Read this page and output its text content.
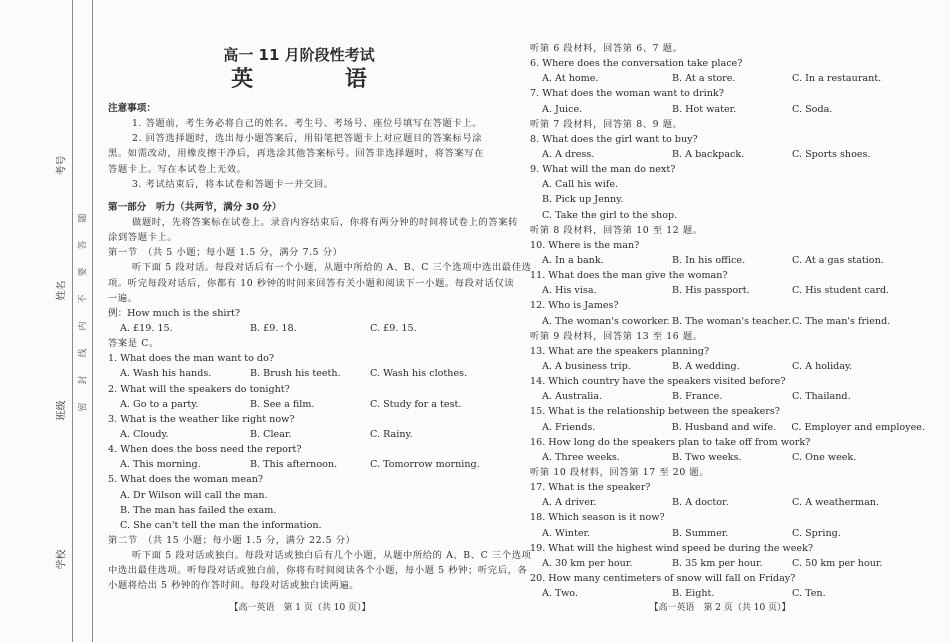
考号
姓名
班级
学校
密
封
线
内
不
要
答
题
高一 11 月阶段性考试
英 语
注意事项：
1. 答题前，考生务必将自己的姓名、考生号、考场号、座位号填写在答题卡上。
2. 回答选择题时，选出每小题答案后，用铅笔把答题卡上对应题目的答案标号涂
黑。如需改动，用橡皮擦干净后，再选涂其他答案标号。回答非选择题时，将答案写在
答题卡上。写在本试卷上无效。
3. 考试结束后，将本试卷和答题卡一并交回。
第一部分　听力（共两节，满分 30 分）
做题时，先将答案标在试卷上。录音内容结束后，你将有两分钟的时间将试卷上的答案转
涂到答题卡上。
第一节　（共 5 小题；每小题 1.5 分，满分 7.5 分）
听下面 5 段对话。每段对话后有一个小题，从题中所给的 A、B、C 三个选项中选出最佳选
项。听完每段对话后，你都有 10 秒钟的时间来回答有关小题和阅读下一小题。每段对话仅读
一遍。
例：How much is the shirt?
A. £19. 15.	B. £9. 18.	C. £9. 15.
答案是 C。
1. What does the man want to do?
A. Wash his hands.	B. Brush his teeth.	C. Wash his clothes.
2. What will the speakers do tonight?
A. Go to a party.	B. See a film.	C. Study for a test.
3. What is the weather like right now?
A. Cloudy.	B. Clear.	C. Rainy.
4. When does the boss need the report?
A. This morning.	B. This afternoon.	C. Tomorrow morning.
5. What does the woman mean?
A. Dr Wilson will call the man.
B. The man has failed the exam.
C. She can't tell the man the information.
第二节　（共 15 小题；每小题 1.5 分，满分 22.5 分）
听下面 5 段对话或独白。每段对话或独白后有几个小题，从题中所给的 A、B、C 三个选项
中选出最佳选项。听每段对话或独白前，你将有时间阅读各个小题，每小题 5 秒钟；听完后，各
小题将给出 5 秒钟的作答时间。每段对话或独白读两遍。
听第 6 段材料，回答第 6、7 题。
6. Where does the conversation take place?
A. At home.	B. At a store.	C. In a restaurant.
7. What does the woman want to drink?
A. Juice.	B. Hot water.	C. Soda.
听第 7 段材料，回答第 8、9 题。
8. What does the girl want to buy?
A. A dress.	B. A backpack.	C. Sports shoes.
9. What will the man do next?
A. Call his wife.
B. Pick up Jenny.
C. Take the girl to the shop.
听第 8 段材料，回答第 10 至 12 题。
10. Where is the man?
A. In a bank.	B. In his office.	C. At a gas station.
11. What does the man give the woman?
A. His visa.	B. His passport.	C. His student card.
12. Who is James?
A. The woman's coworker. B. The woman's teacher. C. The man's friend.
听第 9 段材料，回答第 13 至 16 题。
13. What are the speakers planning?
A. A business trip.	B. A wedding.	C. A holiday.
14. Which country have the speakers visited before?
A. Australia.	B. France.	C. Thailand.
15. What is the relationship between the speakers?
A. Friends.	B. Husband and wife.	C. Employer and employee.
16. How long do the speakers plan to take off from work?
A. Three weeks.	B. Two weeks.	C. One week.
听第 10 段材料，回答第 17 至 20 题。
17. What is the speaker?
A. A driver.	B. A doctor.	C. A weatherman.
18. Which season is it now?
A. Winter.	B. Summer.	C. Spring.
19. What will the highest wind speed be during the week?
A. 30 km per hour.	B. 35 km per hour.	C. 50 km per hour.
20. How many centimeters of snow will fall on Friday?
A. Two.	B. Eight.	C. Ten.
【高一英语　第 1 页（共 10 页）】	【高一英语　第 2 页（共 10 页）】
